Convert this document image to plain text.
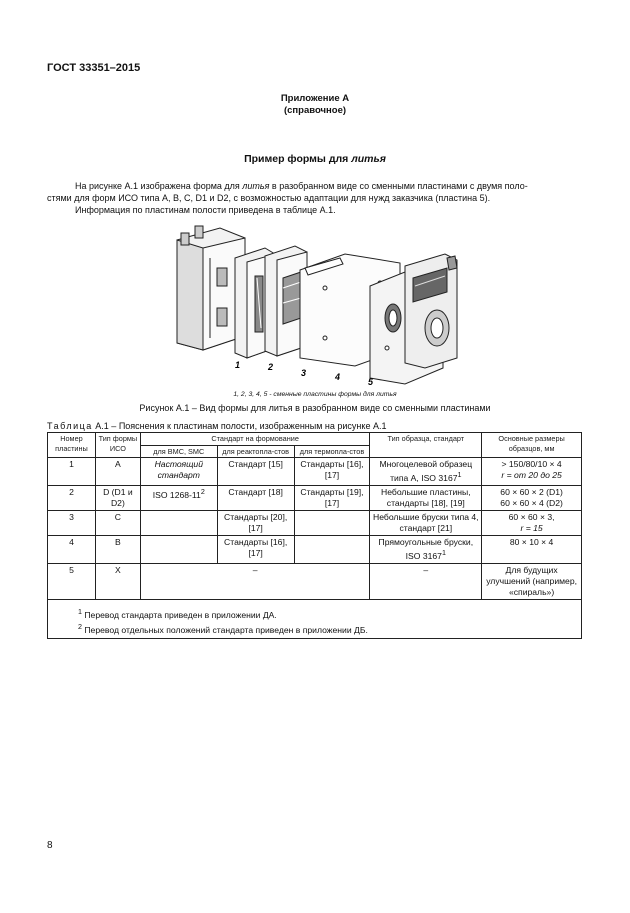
ГОСТ 33351–2015
Приложение А
(справочное)
Пример формы для литья
На рисунке А.1 изображена форма для литья в разобранном виде со сменными пластинами с двумя поло-
стями для форм ИСО типа А, В, С, D1 и D2, с возможностью адаптации для нужд заказчика (пластина 5).
Информация по пластинам полости приведена в таблице А.1.
1	2
3	4	5
1, 2, 3, 4, 5 - сменные пластины формы для литья
Рисунок А.1 – Вид формы для литья в разобранном виде со сменными пластинами
Таблица А.1 – Пояснения к пластинам полости, изображенным на рисунке А.1
Номер пластины	Тип формы ИСО	Стандарт на формование			Тип образца, стандарт	Основные размеры образцов, мм
		для BMC, SMC	для реактопла-стов	для термопла-стов		
1	A	Настоящий стандарт	Стандарт [15]	Стандарты [16], [17]	Многоцелевой образец типа А, ISO $3167^1$	> 150/80/10 × 4
r = от 20 до 25
2	D (D1 и D2)	ISO $1268-11^2$	Стандарт [18]	Стандарты [19], [17]	Небольшие пластины, стандарты [18], [19]	60 × 60 × 2 (D1)
60 × 60 × 4 (D2)
3	C		Стандарты [20], [17]		Небольшие бруски типа 4, стандарт [21]	60 × 60 × 3,
r = 15
4	B		Стандарты [16], [17]		Прямоугольные бруски, ISO 3167$^1$	80 × 10 × 4
5	X	–			–	Для будущих улучшений (например, «спираль»)

$^1$ Перевод стандарта приведен в приложении ДА.
$^2$ Перевод отдельных положений стандарта приведен в приложении ДБ.						
8
